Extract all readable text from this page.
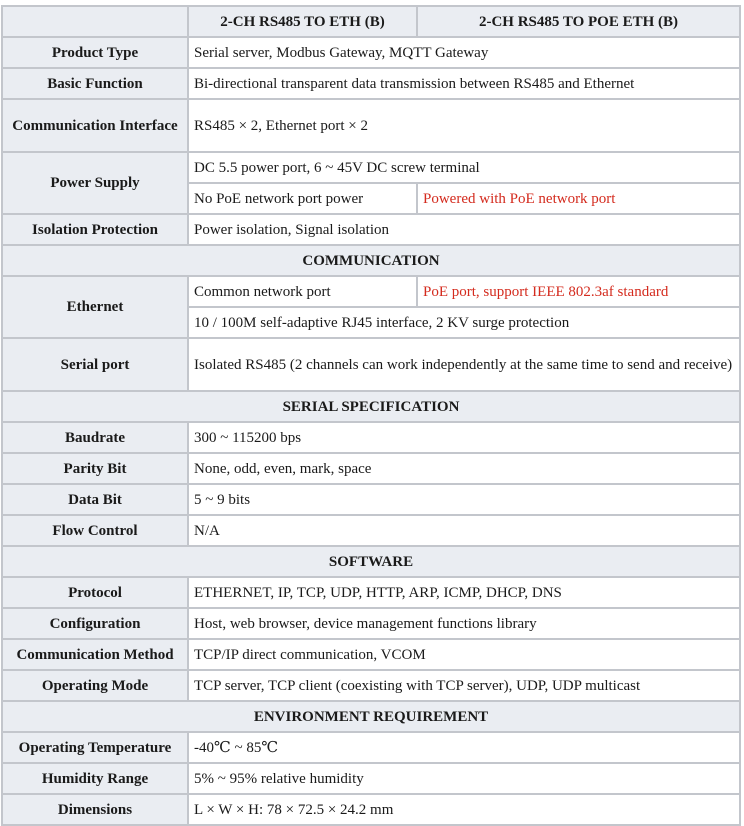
	2-CH RS485 TO ETH (B)	2-CH RS485 TO POE ETH (B)
Product Type	Serial server, Modbus Gateway, MQTT Gateway	
Basic Function	Bi-directional transparent data transmission between RS485 and Ethernet	
Communication Interface	RS485 × 2, Ethernet port × 2	
Power Supply	DC 5.5 power port, 6 ~ 45V DC screw terminal	
	No PoE network port power	Powered with PoE network port
Isolation Protection	Power isolation, Signal isolation	
COMMUNICATION		
Ethernet	Common network port	PoE port, support IEEE 802.3af standard
	10 / 100M self-adaptive RJ45 interface, 2 KV surge protection	
Serial port	Isolated RS485 (2 channels can work independently at the same time to send and receive)	
SERIAL SPECIFICATION		
Baudrate	300 ~ 115200 bps	
Parity Bit	None, odd, even, mark, space	
Data Bit	5 ~ 9 bits	
Flow Control	N/A	
SOFTWARE		
Protocol	ETHERNET, IP, TCP, UDP, HTTP, ARP, ICMP, DHCP, DNS	
Configuration	Host, web browser, device management functions library	
Communication Method	TCP/IP direct communication, VCOM	
Operating Mode	TCP server, TCP client (coexisting with TCP server), UDP, UDP multicast	
ENVIRONMENT REQUIREMENT		
Operating Temperature	-40℃ ~ 85℃	
Humidity Range	5% ~ 95% relative humidity	
Dimensions	L × W × H: 78 × 72.5 × 24.2 mm	
